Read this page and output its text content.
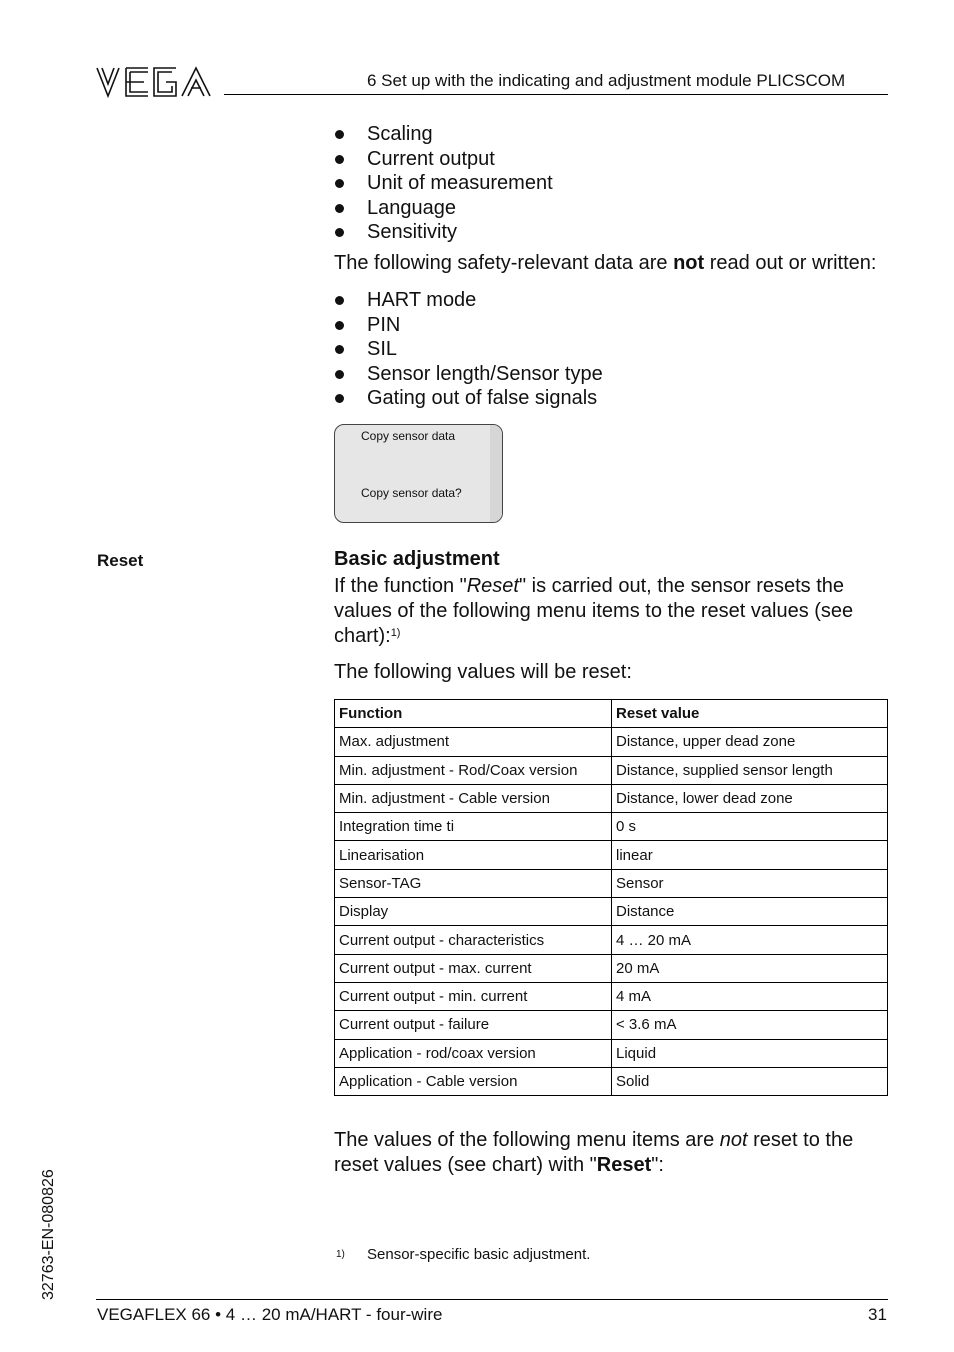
6 Set up with the indicating and adjustment module PLICSCOM
Scaling
Current output
Unit of measurement
Language
Sensitivity
The following safety-relevant data are not read out or written:
HART mode
PIN
SIL
Sensor length/Sensor type
Gating out of false signals
Copy sensor data
Copy sensor data?
Reset	Basic adjustment
If the function "Reset" is carried out, the sensor resets the
values of the following menu items to the reset values (see
chart):$^{1)}$
The following values will be reset:
Function	Reset value
Max. adjustment	Distance, upper dead zone
Min. adjustment - Rod/Coax version	Distance, supplied sensor length
Min. adjustment - Cable version	Distance, lower dead zone
Integration time ti	0 s
Linearisation	linear
Sensor-TAG	Sensor
Display	Distance
Current output - characteristics	4 … 20 mA
Current output - max. current	20 mA
Current output - min. current	4 mA
Current output - failure	< 3.6 mA
Application - rod/coax version	Liquid
Application - Cable version	Solid
The values of the following menu items are not reset to the
reset values (see chart) with "Reset":
1) Sensor-specific basic adjustment.
32763-EN-080826
VEGAFLEX 66 • 4 … 20 mA/HART - four-wire	31
